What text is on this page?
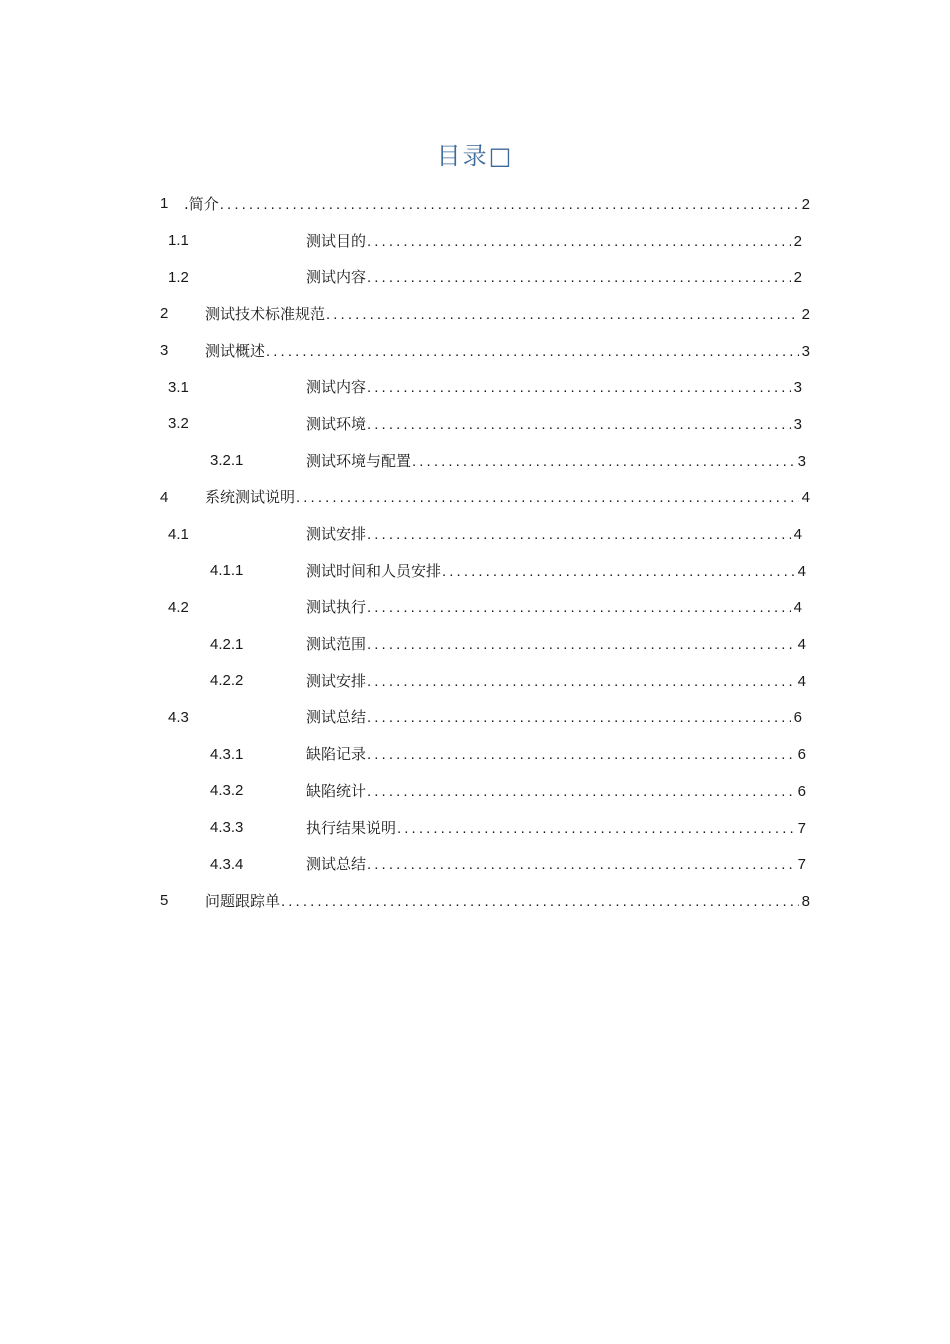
目录□
1 .简介 .....	2
1.1	测试目的 .....	2
1.2	测试内容 .....	2
2 测试技术标准规范 .....	2
3 测试概述 .....	3
3.1	测试内容 .....	3
3.2	测试环境 .....	3
3.2.1	测试环境与配置 .....	3
4 系统测试说明 .....	4
4.1	测试安排 .....	4
4.1.1	测试时间和人员安排 .....	4
4.2	测试执行 .....	4
4.2.1	测试范围 .....	4
4.2.2	测试安排 .....	4
4.3	测试总结 .....	6
4.3.1	缺陷记录 .....	6
4.3.2	缺陷统计 .....	6
4.3.3	执行结果说明 .....	7
4.3.4	测试总结 .....	7
5 问题跟踪单 .....	8
